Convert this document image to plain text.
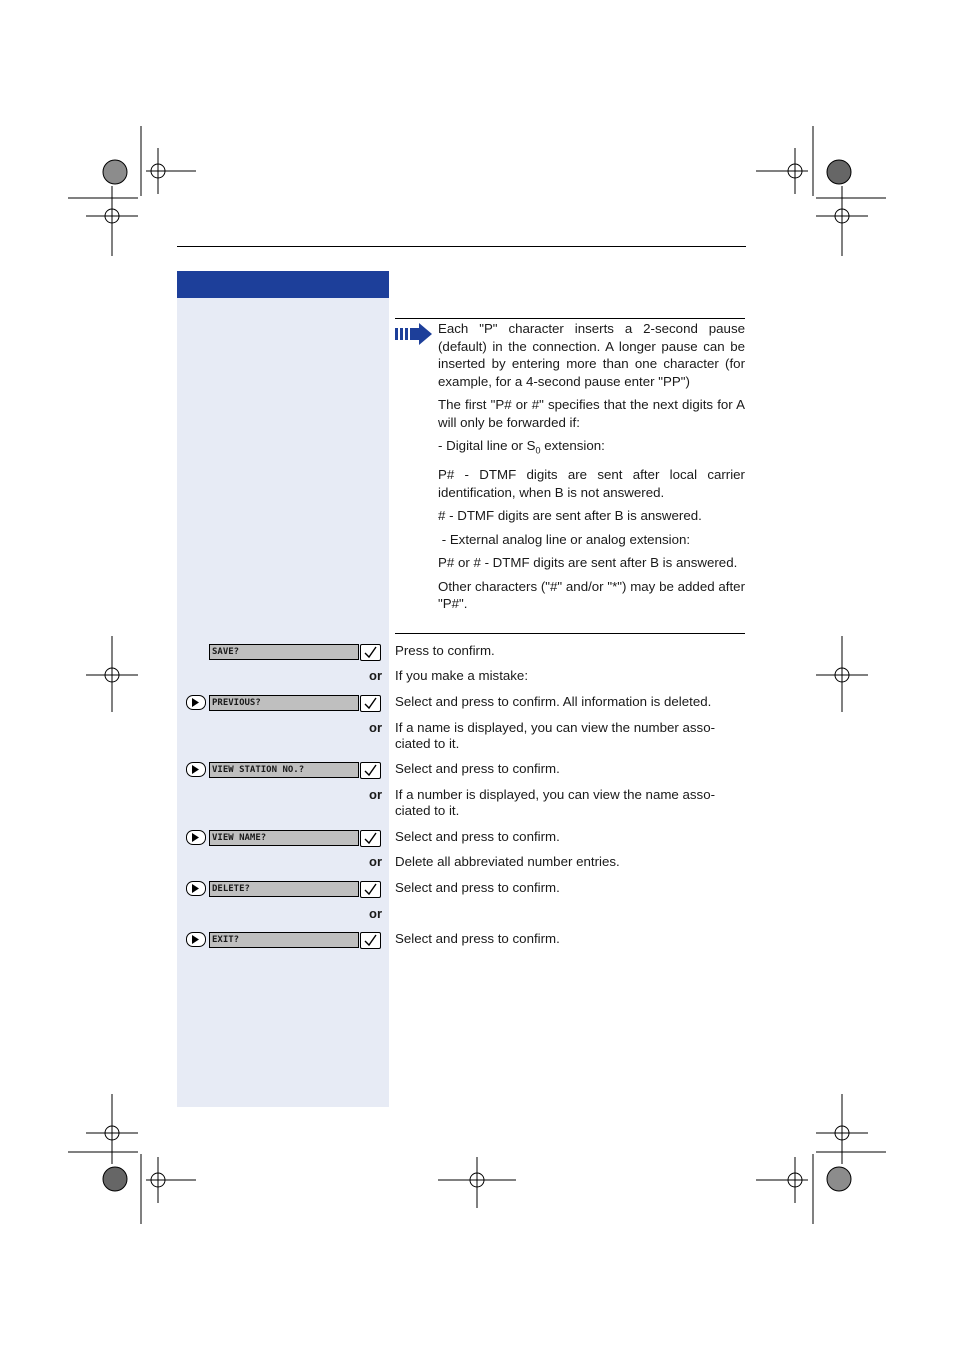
Each "P" character inserts a 2-second pause (default) in the connection. A longer pause can be inserted by entering more than one character (for example, for a 4-second pause enter "PP")

The first "P# or #" specifies that the next digits for A will only be forwarded if:

- Digital line or $S_0$ extension:

P# - DTMF digits are sent after local carrier identification, when B is not answered.

# - DTMF digits are sent after B is answered.

- External analog line or analog extension:

P# or # - DTMF digits are sent after B is answered.

Other characters ("#" and/or "*") may be added after "P#".

SAVE?	Press to confirm.
or If you make a mistake:
PREVIOUS?	Select and press to confirm. All information is deleted.
or If a name is displayed, you can view the number asso-ciated to it.
VIEW STATION NO.?	Select and press to confirm.
or If a number is displayed, you can view the name asso-ciated to it.
VIEW NAME?	Select and press to confirm.
or Delete all abbreviated number entries.
DELETE?	Select and press to confirm.
or
EXIT?	Select and press to confirm.
